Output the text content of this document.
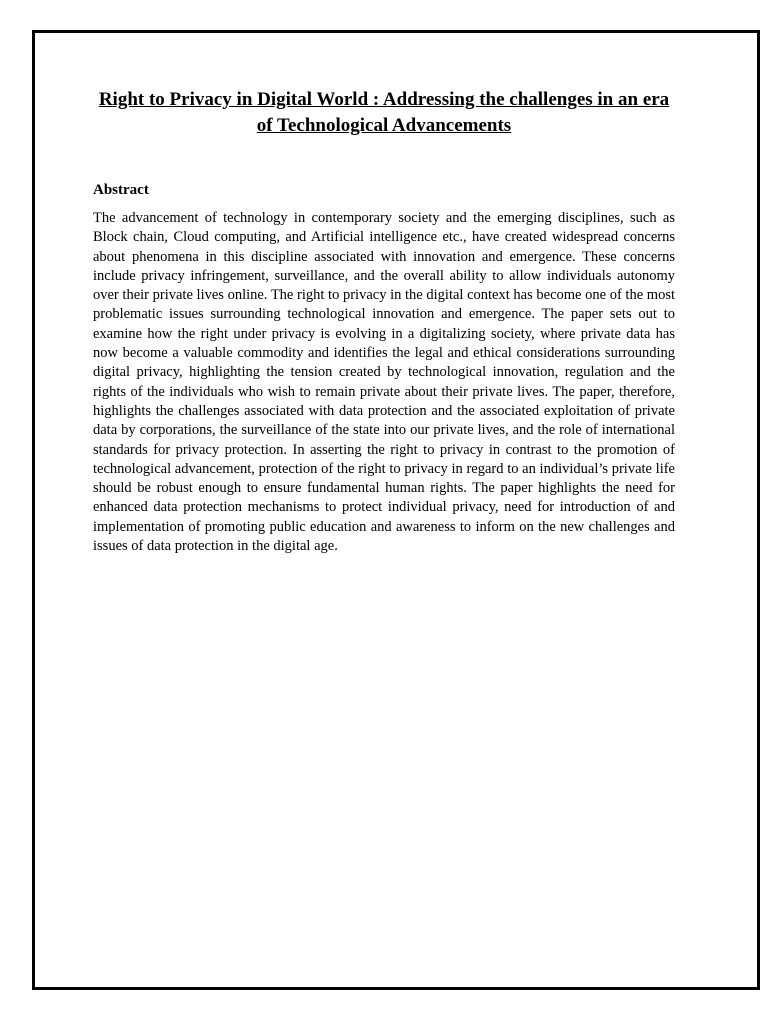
Right to Privacy in Digital World : Addressing the challenges in an era of Technological Advancements
Abstract

The advancement of technology in contemporary society and the emerging disciplines, such as Block chain, Cloud computing, and Artificial intelligence etc., have created widespread concerns about phenomena in this discipline associated with innovation and emergence. These concerns include privacy infringement, surveillance, and the overall ability to allow individuals autonomy over their private lives online. The right to privacy in the digital context has become one of the most problematic issues surrounding technological innovation and emergence. The paper sets out to examine how the right under privacy is evolving in a digitalizing society, where private data has now become a valuable commodity and identifies the legal and ethical considerations surrounding digital privacy, highlighting the tension created by technological innovation, regulation and the rights of the individuals who wish to remain private about their private lives. The paper, therefore, highlights the challenges associated with data protection and the associated exploitation of private data by corporations, the surveillance of the state into our private lives, and the role of international standards for privacy protection. In asserting the right to privacy in contrast to the promotion of technological advancement, protection of the right to privacy in regard to an individual’s private life should be robust enough to ensure fundamental human rights. The paper highlights the need for enhanced data protection mechanisms to protect individual privacy, need for introduction of and implementation of promoting public education and awareness to inform on the new challenges and issues of data protection in the digital age.
